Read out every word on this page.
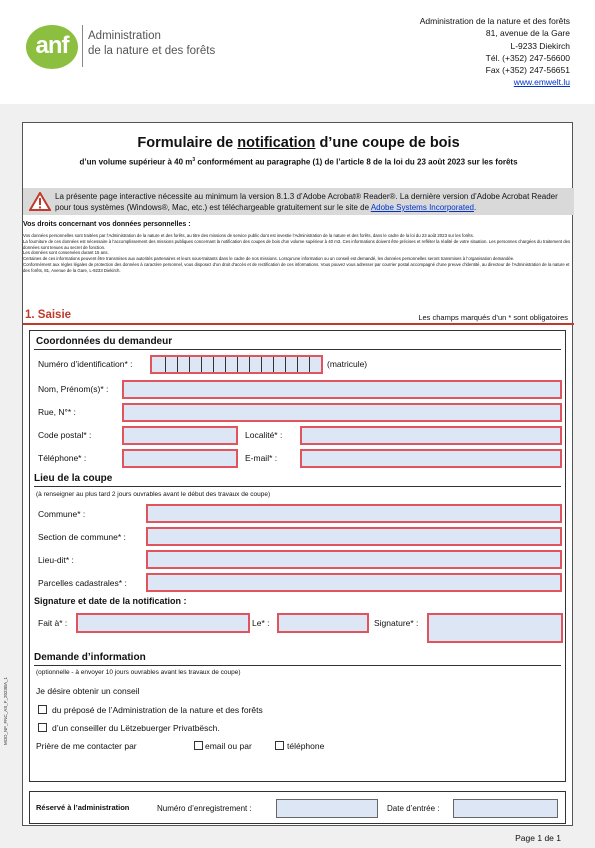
anf	Administration
de la nature et des forêts
Administration de la nature et des forêts
81, avenue de la Gare
L-9233 Diekirch
Tél. (+352) 247-56600
Fax (+352) 247-56651
www.emwelt.lu
Formulaire de notification d’une coupe de bois
d’un volume supérieur à 40 $m^3$ conformément au paragraphe (1) de l’article 8 de la loi du 23 août 2023 sur les forêts
La présente page interactive nécessite au minimum la version 8.1.3 d’Adobe Acrobat® Reader®. La dernière version d’Adobe Acrobat Reader pour tous systèmes (Windows®, Mac, etc.) est téléchargeable gratuitement sur le site de Adobe Systems Incorporated.
Vos droits concernant vos données personnelles :
Vos données personnelles sont traitées par l’Administration de la nature et des forêts, au titre des missions de service public dont est investie l’Administration de la nature et des forêts, dans le cadre de la loi du 23 août 2023 sur les forêts.
La fourniture de ces données est nécessaire à l’accomplissement des missions publiques concernant la notification des coupes de bois d’un volume supérieur à 40 m3. Ces informations doivent être précises et refléter la réalité de votre situation. Les personnes chargées du traitement des données sont tenues au secret de fonction.
Les données sont conservées durant 15 ans.
Certaines de ces informations peuvent être transmises aux autorités partenaires et leurs sous-traitants dans le cadre de nos missions. Lorsqu’une information ou un conseil est demandé, les données personnelles seront transmises à l’organisation demandée.
Conformément aux règles légales de protection des données à caractère personnel, vous disposez d’un droit d’accès et de rectification de ces informations. Vous pouvez vous adresser par courrier postal accompagné d’une preuve d’identité, au directeur de l’Administration de la nature et des forêts, 81, Avenue de la Gare, L-9233 Diekirch.
1. Saisie	Les champs marqués d’un * sont obligatoires
Coordonnées du demandeur
Numéro d’identification* :	(matricule)
Nom, Prénom(s)* :
Rue, N°* :
Code postal* :	Localité* :
Téléphone* :	E-mail* :
Lieu de la coupe
(à renseigner au plus tard 2 jours ouvrables avant le début des travaux de coupe)
Commune* :
Section de commune* :
Lieu-dit* :
Parcelles cadastrales* :
Signature et date de la notification :
Fait à* :	Le* :	Signature* :
Demande d’information
(optionnelle - à envoyer 10 jours ouvrables avant les travaux de coupe)
Je désire obtenir un conseil
du préposé de l’Administration de la nature et des forêts
d’un conseiller du Lëtzebuerger Privatbësch.
Prière de me contacter par	email ou par	téléphone
Réservé à l’administration	Numéro d’enregistrement :	Date d’entrée :
MOD_NF_FNC_AS_F_2023BA_1
Page 1 de 1
